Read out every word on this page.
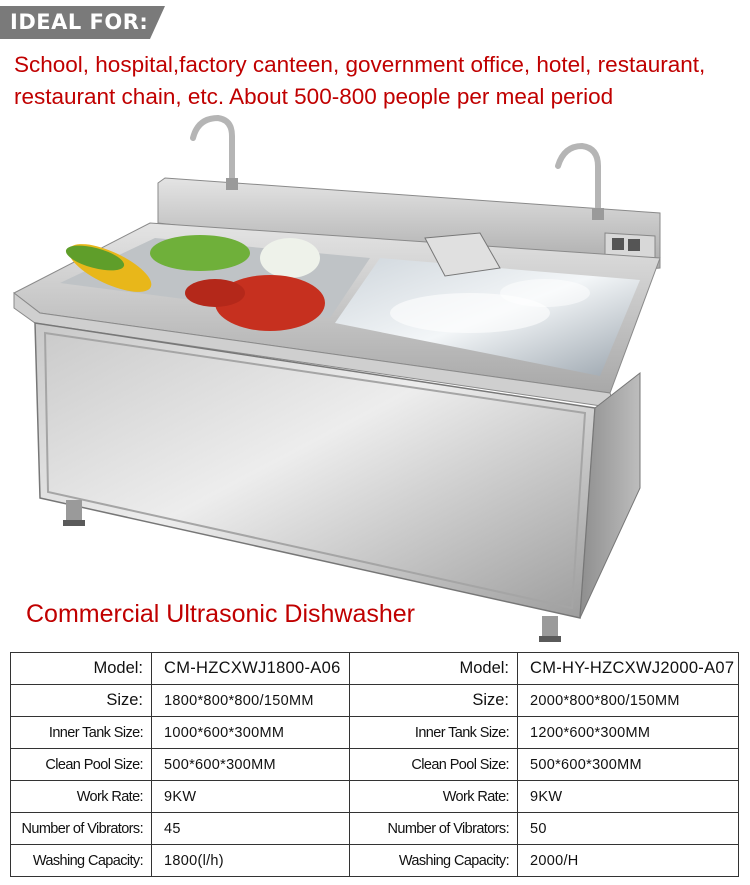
IDEAL FOR:
School, hospital,factory canteen, government office, hotel, restaurant,
restaurant chain, etc. About 500-800 people per meal period
Commercial Ultrasonic Dishwasher
Model:	CM-HZCXWJ1800-A06	Model:	CM-HY-HZCXWJ2000-A07
Size:	1800*800*800/150MM	Size:	2000*800*800/150MM
Inner Tank Size:	1000*600*300MM	Inner Tank Size:	1200*600*300MM
Clean Pool Size:	500*600*300MM	Clean Pool Size:	500*600*300MM
Work Rate:	9KW	Work Rate:	9KW
Number of Vibrators:	45	Number of Vibrators:	50
Washing Capacity:	1800(l/h)	Washing Capacity:	2000/H
